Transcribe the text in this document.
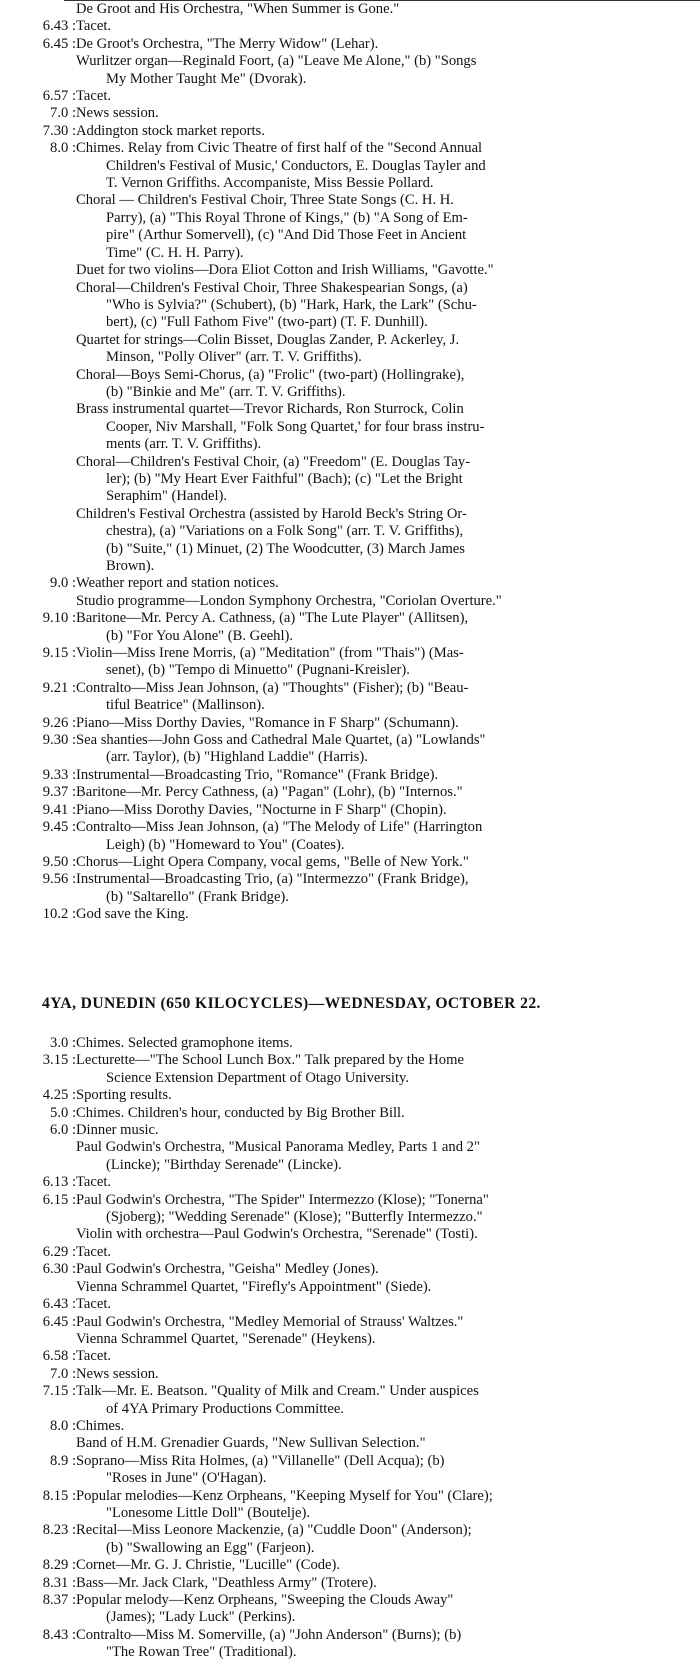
De Groot and His Orchestra, "When Summer is Gone."
6.43 : Tacet.
6.45 : De Groot's Orchestra, "The Merry Widow" (Lehar).
Wurlitzer organ—Reginald Foort, (a) "Leave Me Alone," (b) "Songs
My Mother Taught Me" (Dvorak).
6.57 : Tacet.
7.0 : News session.
7.30 : Addington stock market reports.
8.0 : Chimes. Relay from Civic Theatre of first half of the "Second Annual
Children's Festival of Music,' Conductors, E. Douglas Tayler and
T. Vernon Griffiths. Accompaniste, Miss Bessie Pollard.
Choral — Children's Festival Choir, Three State Songs (C. H. H.
Parry), (a) "This Royal Throne of Kings," (b) "A Song of Em-
pire" (Arthur Somervell), (c) "And Did Those Feet in Ancient
Time" (C. H. H. Parry).
Duet for two violins—Dora Eliot Cotton and Irish Williams, "Gavotte."
Choral—Children's Festival Choir, Three Shakespearian Songs, (a)
"Who is Sylvia?" (Schubert), (b) "Hark, Hark, the Lark" (Schu-
bert), (c) "Full Fathom Five" (two-part) (T. F. Dunhill).
Quartet for strings—Colin Bisset, Douglas Zander, P. Ackerley, J.
Minson, "Polly Oliver" (arr. T. V. Griffiths).
Choral—Boys Semi-Chorus, (a) "Frolic" (two-part) (Hollingrake),
(b) "Binkie and Me" (arr. T. V. Griffiths).
Brass instrumental quartet—Trevor Richards, Ron Sturrock, Colin
Cooper, Niv Marshall, "Folk Song Quartet,' for four brass instru-
ments (arr. T. V. Griffiths).
Choral—Children's Festival Choir, (a) "Freedom" (E. Douglas Tay-
ler); (b) "My Heart Ever Faithful" (Bach); (c) "Let the Bright
Seraphim" (Handel).
Children's Festival Orchestra (assisted by Harold Beck's String Or-
chestra), (a) "Variations on a Folk Song" (arr. T. V. Griffiths),
(b) "Suite," (1) Minuet, (2) The Woodcutter, (3) March James
Brown).
9.0 : Weather report and station notices.
Studio programme—London Symphony Orchestra, "Coriolan Overture."
9.10 : Baritone—Mr. Percy A. Cathness, (a) "The Lute Player" (Allitsen),
(b) "For You Alone" (B. Geehl).
9.15 : Violin—Miss Irene Morris, (a) "Meditation" (from "Thais") (Mas-
senet), (b) "Tempo di Minuetto" (Pugnani-Kreisler).
9.21 : Contralto—Miss Jean Johnson, (a) "Thoughts" (Fisher); (b) "Beau-
tiful Beatrice" (Mallinson).
9.26 : Piano—Miss Dorthy Davies, "Romance in F Sharp" (Schumann).
9.30 : Sea shanties—John Goss and Cathedral Male Quartet, (a) "Lowlands"
(arr. Taylor), (b) "Highland Laddie" (Harris).
9.33 : Instrumental—Broadcasting Trio, "Romance" (Frank Bridge).
9.37 : Baritone—Mr. Percy Cathness, (a) "Pagan" (Lohr), (b) "Internos."
9.41 : Piano—Miss Dorothy Davies, "Nocturne in F Sharp" (Chopin).
9.45 : Contralto—Miss Jean Johnson, (a) "The Melody of Life" (Harrington
Leigh) (b) "Homeward to You" (Coates).
9.50 : Chorus—Light Opera Company, vocal gems, "Belle of New York."
9.56 : Instrumental—Broadcasting Trio, (a) "Intermezzo" (Frank Bridge),
(b) "Saltarello" (Frank Bridge).
10.2 : God save the King.
4YA, DUNEDIN (650 KILOCYCLES)—WEDNESDAY, OCTOBER 22.
3.0 : Chimes. Selected gramophone items.
3.15 : Lecturette—"The School Lunch Box." Talk prepared by the Home
Science Extension Department of Otago University.
4.25 : Sporting results.
5.0 : Chimes. Children's hour, conducted by Big Brother Bill.
6.0 : Dinner music.
Paul Godwin's Orchestra, "Musical Panorama Medley, Parts 1 and 2"
(Lincke); "Birthday Serenade" (Lincke).
6.13 : Tacet.
6.15 : Paul Godwin's Orchestra, "The Spider" Intermezzo (Klose); "Tonerna"
(Sjoberg); "Wedding Serenade" (Klose); "Butterfly Intermezzo."
Violin with orchestra—Paul Godwin's Orchestra, "Serenade" (Tosti).
6.29 : Tacet.
6.30 : Paul Godwin's Orchestra, "Geisha" Medley (Jones).
Vienna Schrammel Quartet, "Firefly's Appointment" (Siede).
6.43 : Tacet.
6.45 : Paul Godwin's Orchestra, "Medley Memorial of Strauss' Waltzes."
Vienna Schrammel Quartet, "Serenade" (Heykens).
6.58 : Tacet.
7.0 : News session.
7.15 : Talk—Mr. E. Beatson. "Quality of Milk and Cream." Under auspices
of 4YA Primary Productions Committee.
8.0 : Chimes.
Band of H.M. Grenadier Guards, "New Sullivan Selection."
8.9 : Soprano—Miss Rita Holmes, (a) "Villanelle" (Dell Acqua); (b)
"Roses in June" (O'Hagan).
8.15 : Popular melodies—Kenz Orpheans, "Keeping Myself for You" (Clare);
"Lonesome Little Doll" (Boutelje).
8.23 : Recital—Miss Leonore Mackenzie, (a) "Cuddle Doon" (Anderson);
(b) "Swallowing an Egg" (Farjeon).
8.29 : Cornet—Mr. G. J. Christie, "Lucille" (Code).
8.31 : Bass—Mr. Jack Clark, "Deathless Army" (Trotere).
8.37 : Popular melody—Kenz Orpheans, "Sweeping the Clouds Away"
(James); "Lady Luck" (Perkins).
8.43 : Contralto—Miss M. Somerville, (a) "John Anderson" (Burns); (b)
"The Rowan Tree" (Traditional).
